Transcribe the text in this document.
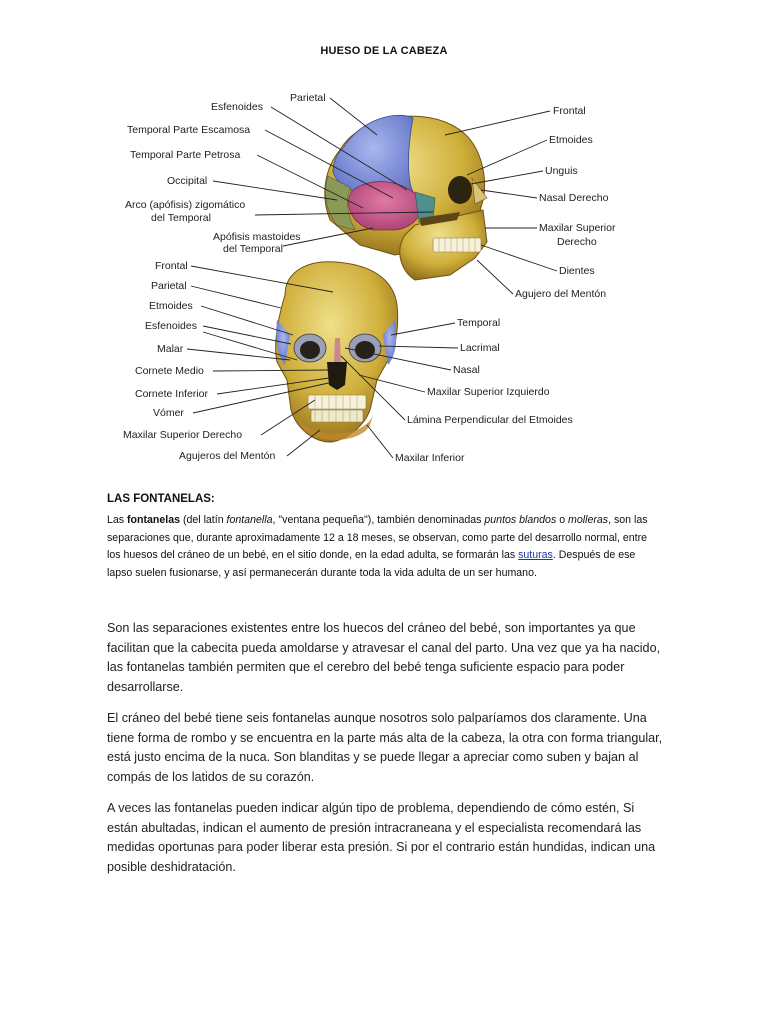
HUESO DE LA CABEZA
Parietal
Esfenoides
Temporal Parte Escamosa
Temporal Parte Petrosa
Occipital
Arco (apófisis) zigomático
del Temporal
Apófisis mastoides
del Temporal
Frontal
Etmoides
Unguis
Nasal Derecho
Maxilar Superior
Derecho
Dientes
Agujero del Mentón
Frontal
Parietal
Etmoides
Esfenoides
Malar
Cornete Medio
Cornete Inferior
Vómer
Maxilar Superior Derecho
Agujeros del Mentón
Temporal
Lacrimal
Nasal
Maxilar Superior Izquierdo
Lámina Perpendicular del Etmoides
Maxilar Inferior
LAS FONTANELAS:
Las fontanelas (del latín fontanella, "ventana pequeña"), también denominadas puntos blandos o molleras, son las separaciones que, durante aproximadamente 12 a 18 meses, se observan, como parte del desarrollo normal, entre los huesos del cráneo de un bebé, en el sitio donde, en la edad adulta, se formarán las suturas. Después de ese lapso suelen fusionarse, y así permanecerán durante toda la vida adulta de un ser humano.
Son las separaciones existentes entre los huecos del cráneo del bebé, son importantes ya que facilitan que la cabecita pueda amoldarse y atravesar el canal del parto. Una vez que ya ha nacido, las fontanelas también permiten que el cerebro del bebé tenga suficiente espacio para poder desarrollarse.
El cráneo del bebé tiene seis fontanelas aunque nosotros solo palparíamos dos claramente. Una tiene forma de rombo y se encuentra en la parte más alta de la cabeza, la otra con forma triangular, está justo encima de la nuca. Son blanditas y se puede llegar a apreciar como suben y bajan al compás de los latidos de su corazón.
A veces las fontanelas pueden indicar algún tipo de problema, dependiendo de cómo estén, Si están abultadas, indican el aumento de presión intracraneana y el especialista recomendará las medidas oportunas para poder liberar esta presión. Si por el contrario están hundidas, indican una posible deshidratación.
